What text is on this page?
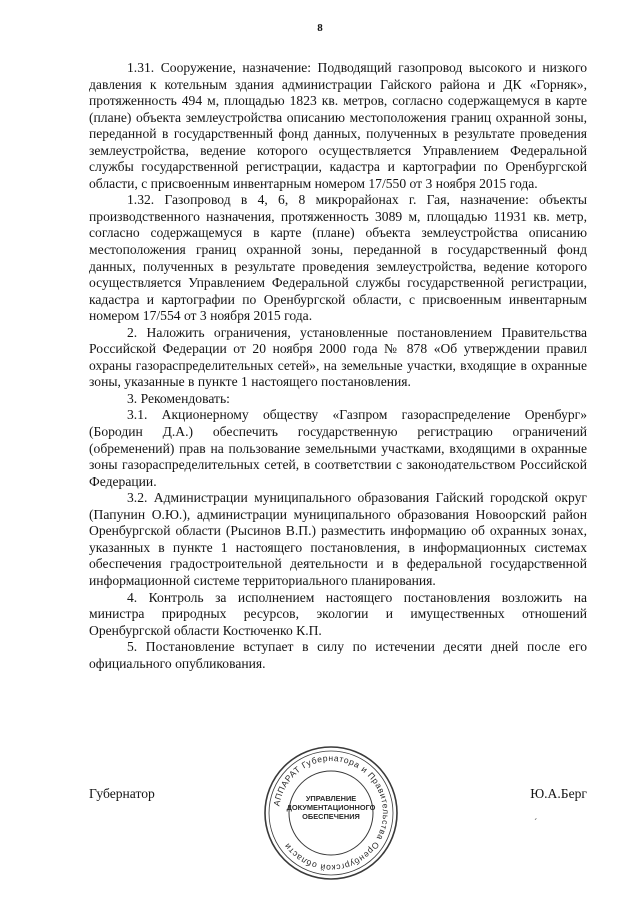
8

1.31. Сооружение, назначение: Подводящий газопровод высокого и низкого давления к котельным здания администрации Гайского района и ДК «Горняк», протяженность 494 м, площадью 1823 кв. метров, согласно содержащемуся в карте (плане) объекта землеустройства описанию местоположения границ охранной зоны, переданной в государственный фонд данных, полученных в результате проведения землеустройства, ведение которого осуществляется Управлением Федеральной службы государственной регистрации, кадастра и картографии по Оренбургской области, с присвоенным инвентарным номером 17/550 от 3 ноября 2015 года.

1.32. Газопровод в 4, 6, 8 микрорайонах г. Гая, назначение: объекты производственного назначения, протяженность 3089 м, площадью 11931 кв. метр, согласно содержащемуся в карте (плане) объекта землеустройства описанию местоположения границ охранной зоны, переданной в государственный фонд данных, полученных в результате проведения землеустройства, ведение которого осуществляется Управлением Федеральной службы государственной регистрации, кадастра и картографии по Оренбургской области, с присвоенным инвентарным номером 17/554 от 3 ноября 2015 года.

2. Наложить ограничения, установленные постановлением Правительства Российской Федерации от 20 ноября 2000 года № 878 «Об утверждении правил охраны газораспределительных сетей», на земельные участки, входящие в охранные зоны, указанные в пункте 1 настоящего постановления.

3. Рекомендовать:

3.1. Акционерному обществу «Газпром газораспределение Оренбург» (Бородин Д.А.) обеспечить государственную регистрацию ограничений (обременений) прав на пользование земельными участками, входящими в охранные зоны газораспределительных сетей, в соответствии с законодательством Российской Федерации.

3.2. Администрации муниципального образования Гайский городской округ (Папунин О.Ю.), администрации муниципального образования Новоорский район Оренбургской области (Рысинов В.П.) разместить информацию об охранных зонах, указанных в пункте 1 настоящего постановления, в информационных системах обеспечения градостроительной деятельности и в федеральной государственной информационной системе территориального планирования.

4. Контроль за исполнением настоящего постановления возложить на министра природных ресурсов, экологии и имущественных отношений Оренбургской области Костюченко К.П.

5. Постановление вступает в силу по истечении десяти дней после его официального опубликования.

Губернатор	Ю.А.Берг
АППАРАТ Губернатора и Правительства Оренбургской области
УПРАВЛЕНИЕ
ДОКУМЕНТАЦИОННОГО
ОБЕСПЕЧЕНИЯ
ˊ
